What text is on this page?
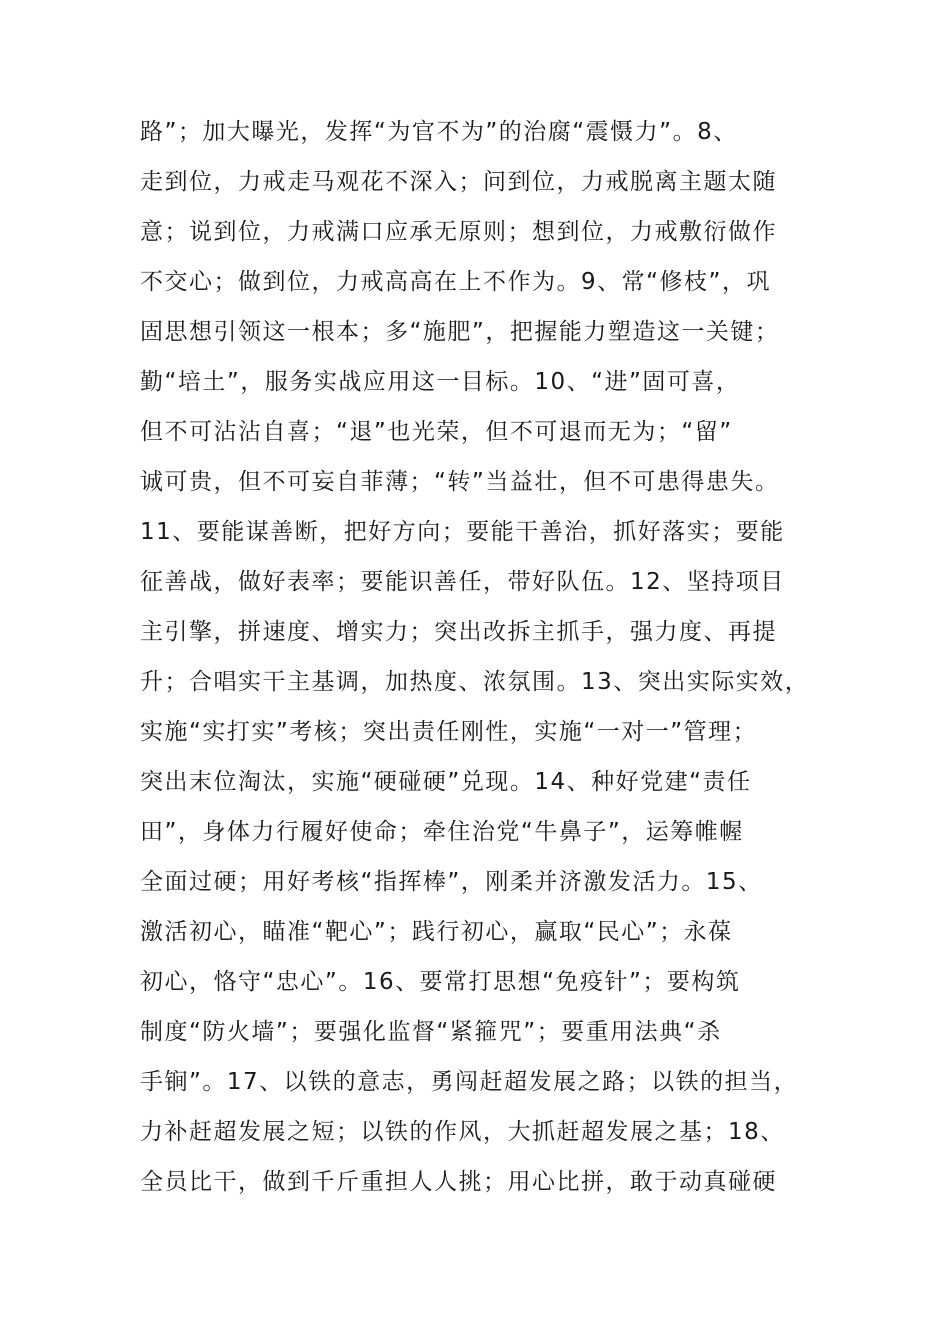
路”；加大曝光，发挥“为官不为”的治腐“震慑力”。8、
走到位，力戒走马观花不深入；问到位，力戒脱离主题太随
意；说到位，力戒满口应承无原则；想到位，力戒敷衍做作
不交心；做到位，力戒高高在上不作为。9、常“修枝”，巩
固思想引领这一根本；多“施肥”，把握能力塑造这一关键；
勤“培土”，服务实战应用这一目标。10、“进”固可喜，
但不可沾沾自喜；“退”也光荣，但不可退而无为；“留”
诚可贵，但不可妄自菲薄；“转”当益壮，但不可患得患失。
11、要能谋善断，把好方向；要能干善治，抓好落实；要能
征善战，做好表率；要能识善任，带好队伍。12、坚持项目
主引擎，拼速度、增实力；突出改拆主抓手，强力度、再提
升；合唱实干主基调，加热度、浓氛围。13、突出实际实效，
实施“实打实”考核；突出责任刚性，实施“一对一”管理；
突出末位淘汰，实施“硬碰硬”兑现。14、种好党建“责任
田”，身体力行履好使命；牵住治党“牛鼻子”，运筹帷幄
全面过硬；用好考核“指挥棒”，刚柔并济激发活力。15、
激活初心，瞄准“靶心”；践行初心，赢取“民心”；永葆
初心，恪守“忠心”。16、要常打思想“免疫针”；要构筑
制度“防火墙”；要强化监督“紧箍咒”；要重用法典“杀
手锏”。17、以铁的意志，勇闯赶超发展之路；以铁的担当，
力补赶超发展之短；以铁的作风，大抓赶超发展之基；18、
全员比干，做到千斤重担人人挑；用心比拼，敢于动真碰硬
